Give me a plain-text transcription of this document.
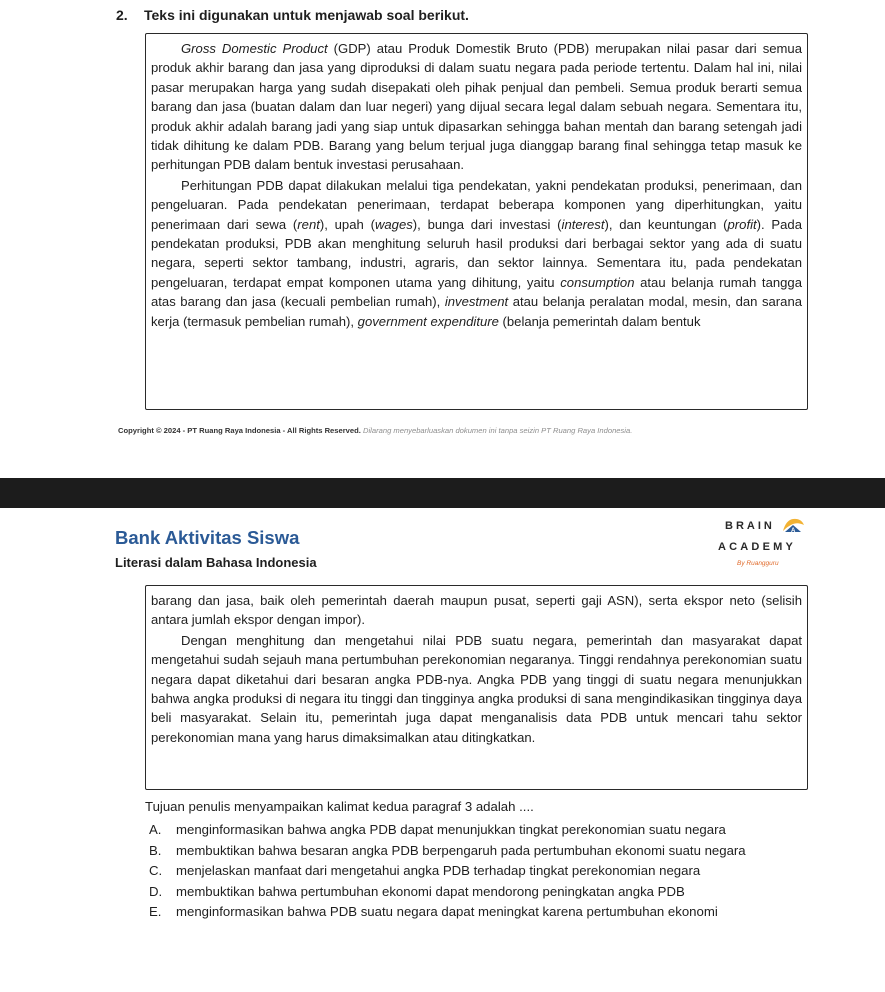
2. Teks ini digunakan untuk menjawab soal berikut.

Gross Domestic Product (GDP) atau Produk Domestik Bruto (PDB) merupakan nilai pasar dari semua produk akhir barang dan jasa yang diproduksi di dalam suatu negara pada periode tertentu. Dalam hal ini, nilai pasar merupakan harga yang sudah disepakati oleh pihak penjual dan pembeli. Semua produk berarti semua barang dan jasa (buatan dalam dan luar negeri) yang dijual secara legal dalam sebuah negara. Sementara itu, produk akhir adalah barang jadi yang siap untuk dipasarkan sehingga bahan mentah dan barang setengah jadi tidak dihitung ke dalam PDB. Barang yang belum terjual juga dianggap barang final sehingga tetap masuk ke perhitungan PDB dalam bentuk investasi perusahaan.

Perhitungan PDB dapat dilakukan melalui tiga pendekatan, yakni pendekatan produksi, penerimaan, dan pengeluaran. Pada pendekatan penerimaan, terdapat beberapa komponen yang diperhitungkan, yaitu penerimaan dari sewa (rent), upah (wages), bunga dari investasi (interest), dan keuntungan (profit). Pada pendekatan produksi, PDB akan menghitung seluruh hasil produksi dari berbagai sektor yang ada di suatu negara, seperti sektor tambang, industri, agraris, dan sektor lainnya. Sementara itu, pada pendekatan pengeluaran, terdapat empat komponen utama yang dihitung, yaitu consumption atau belanja rumah tangga atas barang dan jasa (kecuali pembelian rumah), investment atau belanja peralatan modal, mesin, dan sarana kerja (termasuk pembelian rumah), government expenditure (belanja pemerintah dalam bentuk

Copyright © 2024 - PT Ruang Raya Indonesia - All Rights Reserved. Dilarang menyebarluaskan dokumen ini tanpa seizin PT Ruang Raya Indonesia.
Bank Aktivitas Siswa
Literasi dalam Bahasa Indonesia
BRAIN	A
ACADEMY
By Ruangguru

barang dan jasa, baik oleh pemerintah daerah maupun pusat, seperti gaji ASN), serta ekspor neto (selisih antara jumlah ekspor dengan impor).

Dengan menghitung dan mengetahui nilai PDB suatu negara, pemerintah dan masyarakat dapat mengetahui sudah sejauh mana pertumbuhan perekonomian negaranya. Tinggi rendahnya perekonomian suatu negara dapat diketahui dari besaran angka PDB-nya. Angka PDB yang tinggi di suatu negara menunjukkan bahwa angka produksi di negara itu tinggi dan tingginya angka produksi di sana mengindikasikan tingginya daya beli masyarakat. Selain itu, pemerintah juga dapat menganalisis data PDB untuk mencari tahu sektor perekonomian mana yang harus dimaksimalkan atau ditingkatkan.

Tujuan penulis menyampaikan kalimat kedua paragraf 3 adalah ....
A. menginformasikan bahwa angka PDB dapat menunjukkan tingkat perekonomian suatu negara
B. membuktikan bahwa besaran angka PDB berpengaruh pada pertumbuhan ekonomi suatu negara
C. menjelaskan manfaat dari mengetahui angka PDB terhadap tingkat perekonomian negara
D. membuktikan bahwa pertumbuhan ekonomi dapat mendorong peningkatan angka PDB
E. menginformasikan bahwa PDB suatu negara dapat meningkat karena pertumbuhan ekonomi
